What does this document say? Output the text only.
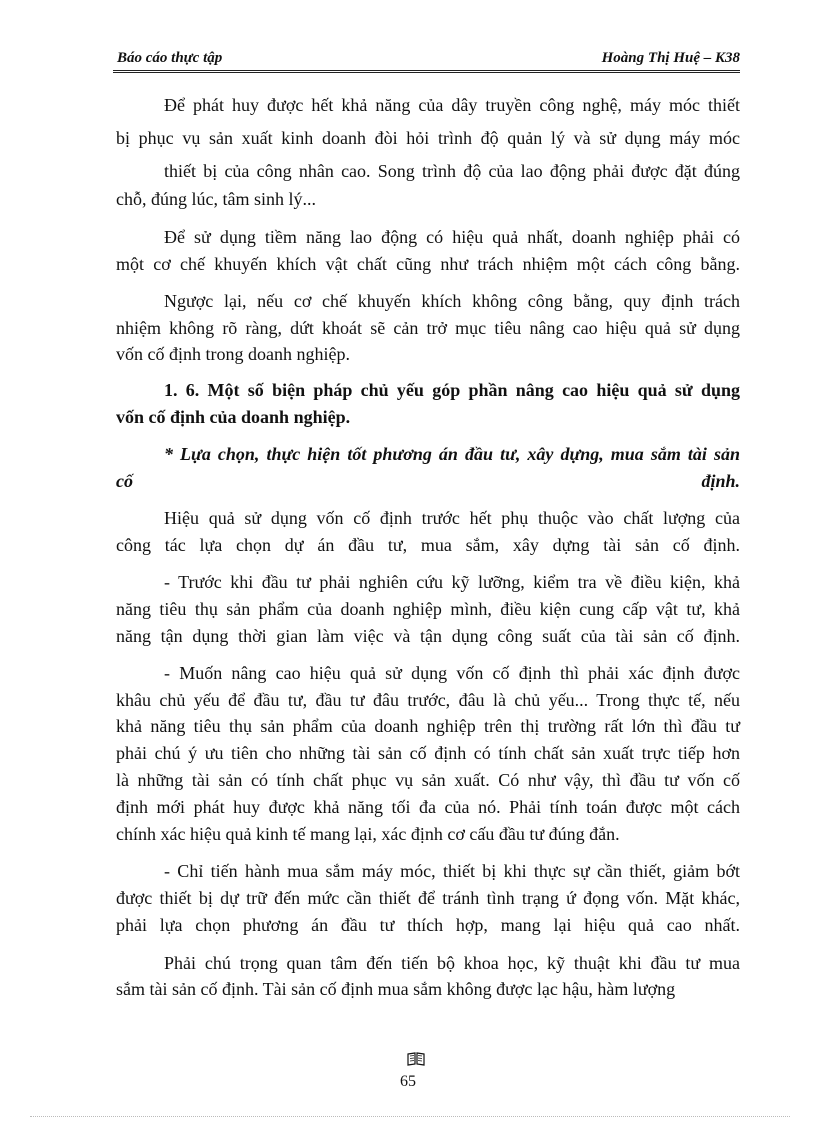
Báo cáo thực tập	Hoàng Thị Huệ – K38
Để phát huy được hết khả năng của dây truyền công nghệ, máy móc thiết
bị phục vụ sản xuất kinh doanh đòi hỏi trình độ quản lý và sử dụng máy móc
thiết bị của công nhân cao. Song trình độ của lao động phải được đặt đúng
chỗ, đúng lúc, tâm sinh lý...
Để sử dụng tiềm năng lao động có hiệu quả nhất, doanh nghiệp phải có
một cơ chế khuyến khích vật chất cũng như trách nhiệm một cách công bằng.
Ngược lại, nếu cơ chế khuyến khích không công bằng, quy định trách
nhiệm không rõ ràng, dứt khoát sẽ cản trở mục tiêu nâng cao hiệu quả sử dụng
vốn cố định trong doanh nghiệp.
1. 6. Một số biện pháp chủ yếu góp phần nâng cao hiệu quả sử dụng
vốn cố định của doanh nghiệp.
* Lựa chọn, thực hiện tốt phương án đầu tư, xây dựng, mua sắm tài sản
cố	định.
Hiệu quả sử dụng vốn cố định trước hết phụ thuộc vào chất lượng của
công tác lựa chọn dự án đầu tư, mua sắm, xây dựng tài sản cố định.
- Trước khi đầu tư phải nghiên cứu kỹ lưỡng, kiểm tra về điều kiện, khả
năng tiêu thụ sản phẩm của doanh nghiệp mình, điều kiện cung cấp vật tư, khả
năng tận dụng thời gian làm việc và tận dụng công suất của tài sản cố định.
- Muốn nâng cao hiệu quả sử dụng vốn cố định thì phải xác định được
khâu chủ yếu để đầu tư, đầu tư đâu trước, đâu là chủ yếu... Trong thực tế, nếu
khả năng tiêu thụ sản phẩm của doanh nghiệp trên thị trường rất lớn thì đầu tư
phải chú ý ưu tiên cho những tài sản cố định có tính chất sản xuất trực tiếp hơn
là những tài sản có tính chất phục vụ sản xuất. Có như vậy, thì đầu tư vốn cố
định mới phát huy được khả năng tối đa của nó. Phải tính toán được một cách
chính xác hiệu quả kinh tế mang lại, xác định cơ cấu đầu tư đúng đắn.
- Chỉ tiến hành mua sắm máy móc, thiết bị khi thực sự cần thiết, giảm bớt
được thiết bị dự trữ đến mức cần thiết để tránh tình trạng ứ đọng vốn. Mặt khác,
phải lựa chọn phương án đầu tư thích hợp, mang lại hiệu quả cao nhất.
Phải chú trọng quan tâm đến tiến bộ khoa học, kỹ thuật khi đầu tư mua
sắm tài sản cố định. Tài sản cố định mua sắm không được lạc hậu, hàm lượng
65
